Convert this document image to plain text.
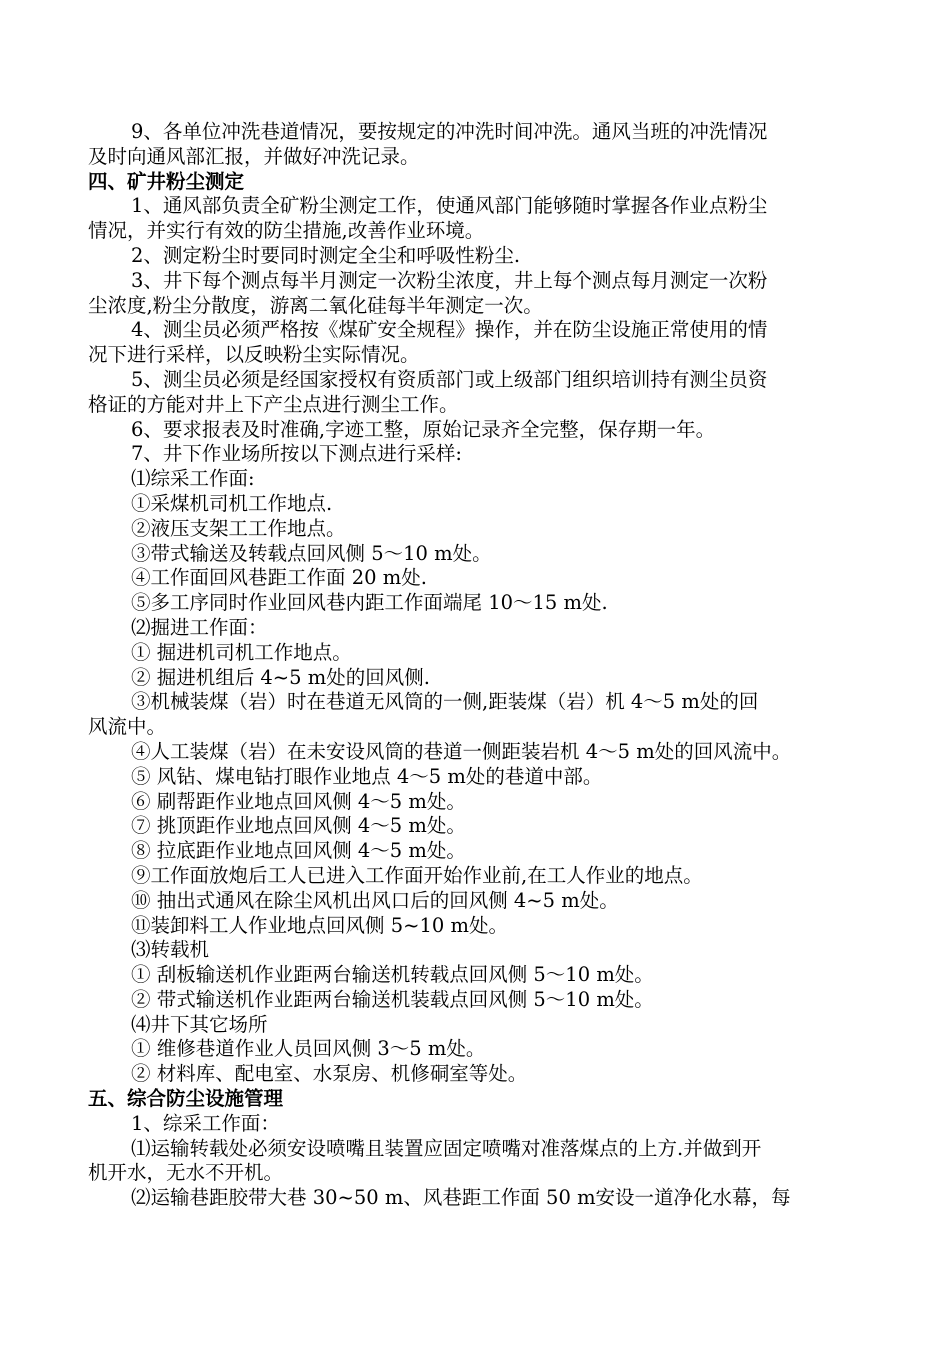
9、各单位冲洗巷道情况，要按规定的冲洗时间冲洗。通风当班的冲洗情况
及时向通风部汇报，并做好冲洗记录。
四、矿井粉尘测定
1、通风部负责全矿粉尘测定工作，使通风部门能够随时掌握各作业点粉尘
情况，并实行有效的防尘措施,改善作业环境。
2、测定粉尘时要同时测定全尘和呼吸性粉尘.
3、井下每个测点每半月测定一次粉尘浓度，井上每个测点每月测定一次粉
尘浓度,粉尘分散度，游离二氧化硅每半年测定一次。
4、测尘员必须严格按《煤矿安全规程》操作，并在防尘设施正常使用的情
况下进行采样，以反映粉尘实际情况。
5、测尘员必须是经国家授权有资质部门或上级部门组织培训持有测尘员资
格证的方能对井上下产尘点进行测尘工作。
6、要求报表及时准确,字迹工整，原始记录齐全完整，保存期一年。
7、井下作业场所按以下测点进行采样:
⑴综采工作面:
①采煤机司机工作地点.
②液压支架工工作地点。
③带式输送及转载点回风侧 5～10 m处。
④工作面回风巷距工作面 20 m处.
⑤多工序同时作业回风巷内距工作面端尾 10～15 m处.
⑵掘进工作面：
① 掘进机司机工作地点。
② 掘进机组后 4~5 m处的回风侧.
③机械装煤（岩）时在巷道无风筒的一侧,距装煤（岩）机 4～5 m处的回
风流中。
④人工装煤（岩）在未安设风筒的巷道一侧距装岩机 4～5 m处的回风流中。
⑤ 风钻、煤电钻打眼作业地点 4～5 m处的巷道中部。
⑥ 刷帮距作业地点回风侧 4～5 m处。
⑦ 挑顶距作业地点回风侧 4～5 m处。
⑧ 拉底距作业地点回风侧 4～5 m处。
⑨工作面放炮后工人已进入工作面开始作业前,在工人作业的地点。
⑩ 抽出式通风在除尘风机出风口后的回风侧 4~5 m处。
⑪装卸料工人作业地点回风侧 5~10 m处。
⑶转载机
① 刮板输送机作业距两台输送机转载点回风侧 5～10 m处。
② 带式输送机作业距两台输送机装载点回风侧 5～10 m处。
⑷井下其它场所
① 维修巷道作业人员回风侧 3～5 m处。
② 材料库、配电室、水泵房、机修硐室等处。
五、综合防尘设施管理
1、综采工作面：
⑴运输转载处必须安设喷嘴且装置应固定喷嘴对准落煤点的上方.并做到开
机开水，无水不开机。
⑵运输巷距胶带大巷 30~50 m、风巷距工作面 50 m安设一道净化水幕，每
